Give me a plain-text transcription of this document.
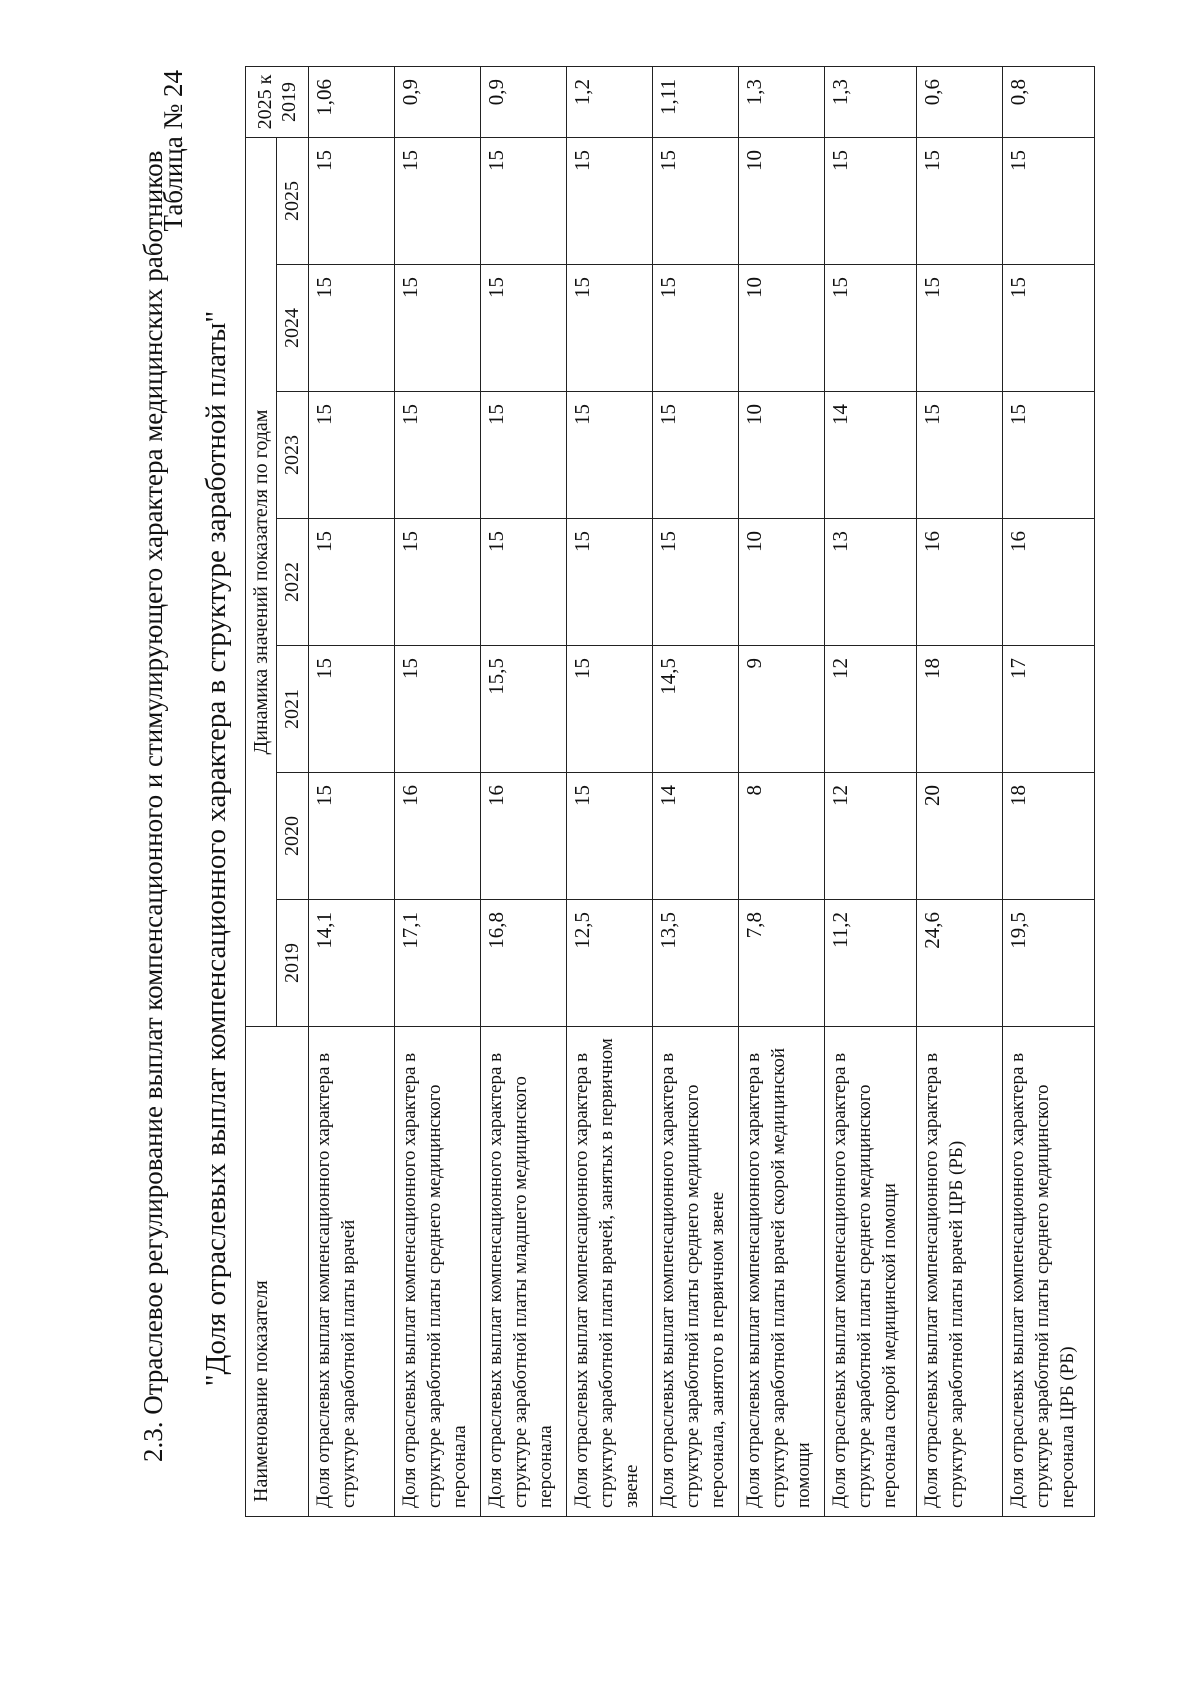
2.3. Отраслевое регулирование выплат компенсационного и стимулирующего характера медицинских работников
Таблица № 24
"Доля отраслевых выплат компенсационного характера в структуре заработной платы"
Наименование показателя	Динамика значений показателя по годам							2025 к 2019
	2019	2020	2021	2022	2023	2024	2025	
Доля отраслевых выплат компенсационного характера в структуре заработной платы врачей	14,1	15	15	15	15	15	15	1,06
Доля отраслевых выплат компенсационного характера в структуре заработной платы среднего медицинского персонала	17,1	16	15	15	15	15	15	0,9
Доля отраслевых выплат компенсационного характера в структуре заработной платы младшего медицинского персонала	16,8	16	15,5	15	15	15	15	0,9
Доля отраслевых выплат компенсационного характера в структуре заработной платы врачей, занятых в первичном звене	12,5	15	15	15	15	15	15	1,2
Доля отраслевых выплат компенсационного характера в структуре заработной платы среднего медицинского персонала, занятого в первичном звене	13,5	14	14,5	15	15	15	15	1,11
Доля отраслевых выплат компенсационного характера в структуре заработной платы врачей скорой медицинской помощи	7,8	8	9	10	10	10	10	1,3
Доля отраслевых выплат компенсационного характера в структуре заработной платы среднего медицинского персонала скорой медицинской помощи	11,2	12	12	13	14	15	15	1,3
Доля отраслевых выплат компенсационного характера в структуре заработной платы врачей ЦРБ (РБ)	24,6	20	18	16	15	15	15	0,6
Доля отраслевых выплат компенсационного характера в структуре заработной платы среднего медицинского персонала ЦРБ (РБ)	19,5	18	17	16	15	15	15	0,8
